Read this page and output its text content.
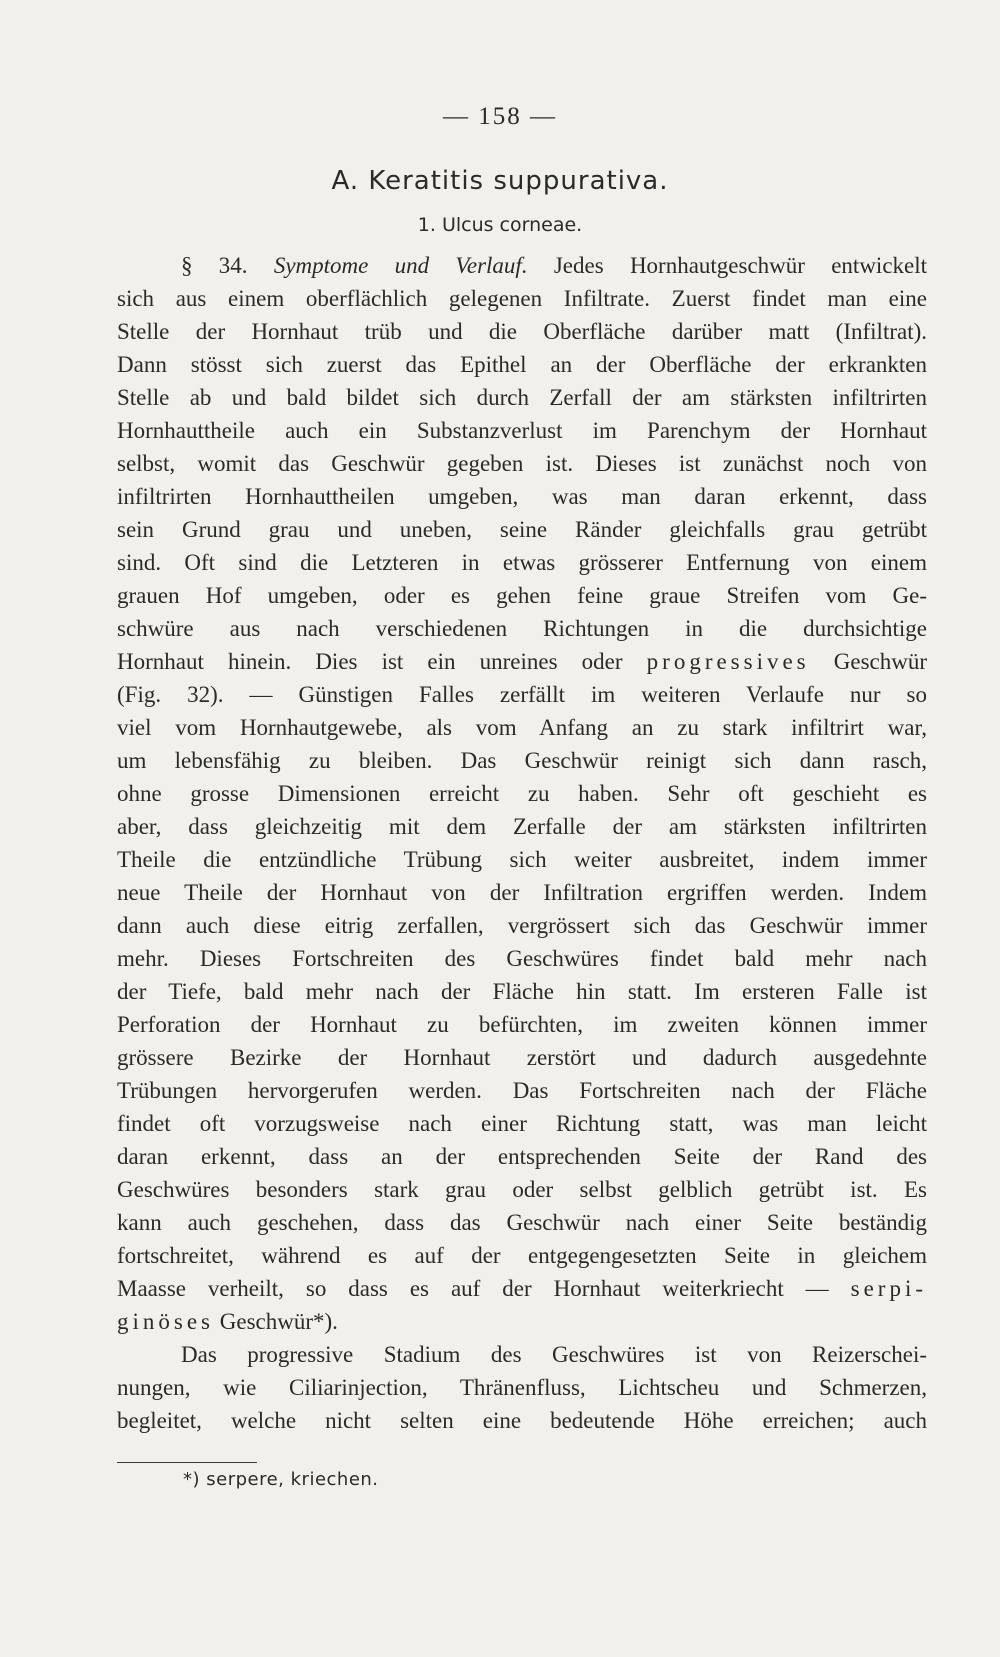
— 158 —
A. Keratitis suppurativa.
1. Ulcus corneae.
§ 34. Symptome und Verlauf. Jedes Hornhautgeschwür entwickelt
sich aus einem oberflächlich gelegenen Infiltrate. Zuerst findet man eine
Stelle der Hornhaut trüb und die Oberfläche darüber matt (Infiltrat).
Dann stösst sich zuerst das Epithel an der Oberfläche der erkrankten
Stelle ab und bald bildet sich durch Zerfall der am stärksten infiltrirten
Hornhauttheile auch ein Substanzverlust im Parenchym der Hornhaut
selbst, womit das Geschwür gegeben ist. Dieses ist zunächst noch von
infiltrirten Hornhauttheilen umgeben, was man daran erkennt, dass
sein Grund grau und uneben, seine Ränder gleichfalls grau getrübt
sind. Oft sind die Letzteren in etwas grösserer Entfernung von einem
grauen Hof umgeben, oder es gehen feine graue Streifen vom Ge-
schwüre aus nach verschiedenen Richtungen in die durchsichtige
Hornhaut hinein. Dies ist ein unreines oder progressives Geschwür
(Fig. 32). — Günstigen Falles zerfällt im weiteren Verlaufe nur so
viel vom Hornhautgewebe, als vom Anfang an zu stark infiltrirt war,
um lebensfähig zu bleiben. Das Geschwür reinigt sich dann rasch,
ohne grosse Dimensionen erreicht zu haben. Sehr oft geschieht es
aber, dass gleichzeitig mit dem Zerfalle der am stärksten infiltrirten
Theile die entzündliche Trübung sich weiter ausbreitet, indem immer
neue Theile der Hornhaut von der Infiltration ergriffen werden. Indem
dann auch diese eitrig zerfallen, vergrössert sich das Geschwür immer
mehr. Dieses Fortschreiten des Geschwüres findet bald mehr nach
der Tiefe, bald mehr nach der Fläche hin statt. Im ersteren Falle ist
Perforation der Hornhaut zu befürchten, im zweiten können immer
grössere Bezirke der Hornhaut zerstört und dadurch ausgedehnte
Trübungen hervorgerufen werden. Das Fortschreiten nach der Fläche
findet oft vorzugsweise nach einer Richtung statt, was man leicht
daran erkennt, dass an der entsprechenden Seite der Rand des
Geschwüres besonders stark grau oder selbst gelblich getrübt ist. Es
kann auch geschehen, dass das Geschwür nach einer Seite beständig
fortschreitet, während es auf der entgegengesetzten Seite in gleichem
Maasse verheilt, so dass es auf der Hornhaut weiterkriecht — serpi-
ginöses Geschwür*).
Das progressive Stadium des Geschwüres ist von Reizerschei-
nungen, wie Ciliarinjection, Thränenfluss, Lichtscheu und Schmerzen,
begleitet, welche nicht selten eine bedeutende Höhe erreichen; auch
*) serpere, kriechen.
